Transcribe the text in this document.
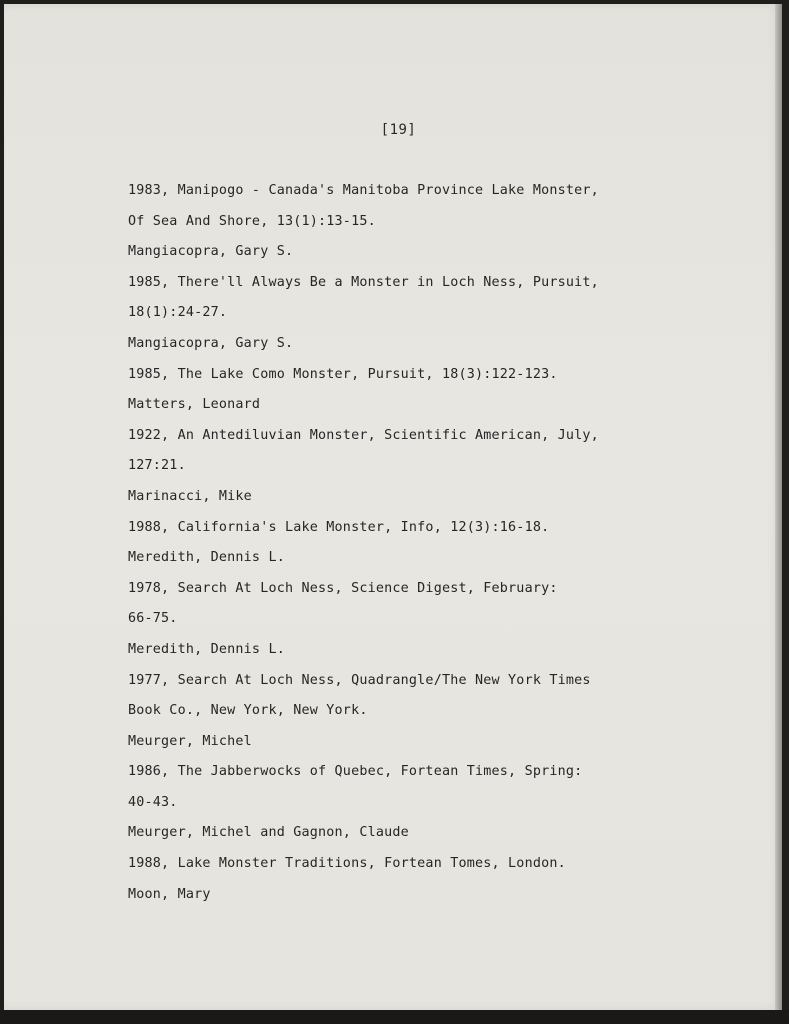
[19]
1983, Manipogo - Canada's Manitoba Province Lake Monster,
Of Sea And Shore, 13(1):13-15.
Mangiacopra, Gary S.
1985, There'll Always Be a Monster in Loch Ness, Pursuit,
18(1):24-27.
Mangiacopra, Gary S.
1985, The Lake Como Monster, Pursuit, 18(3):122-123.
Matters, Leonard
1922, An Antediluvian Monster, Scientific American, July,
127:21.
Marinacci, Mike
1988, California's Lake Monster, Info, 12(3):16-18.
Meredith, Dennis L.
1978, Search At Loch Ness, Science Digest, February:
66-75.
Meredith, Dennis L.
1977, Search At Loch Ness, Quadrangle/The New York Times
Book Co., New York, New York.
Meurger, Michel
1986, The Jabberwocks of Quebec, Fortean Times, Spring:
40-43.
Meurger, Michel and Gagnon, Claude
1988, Lake Monster Traditions, Fortean Tomes, London.
Moon, Mary
